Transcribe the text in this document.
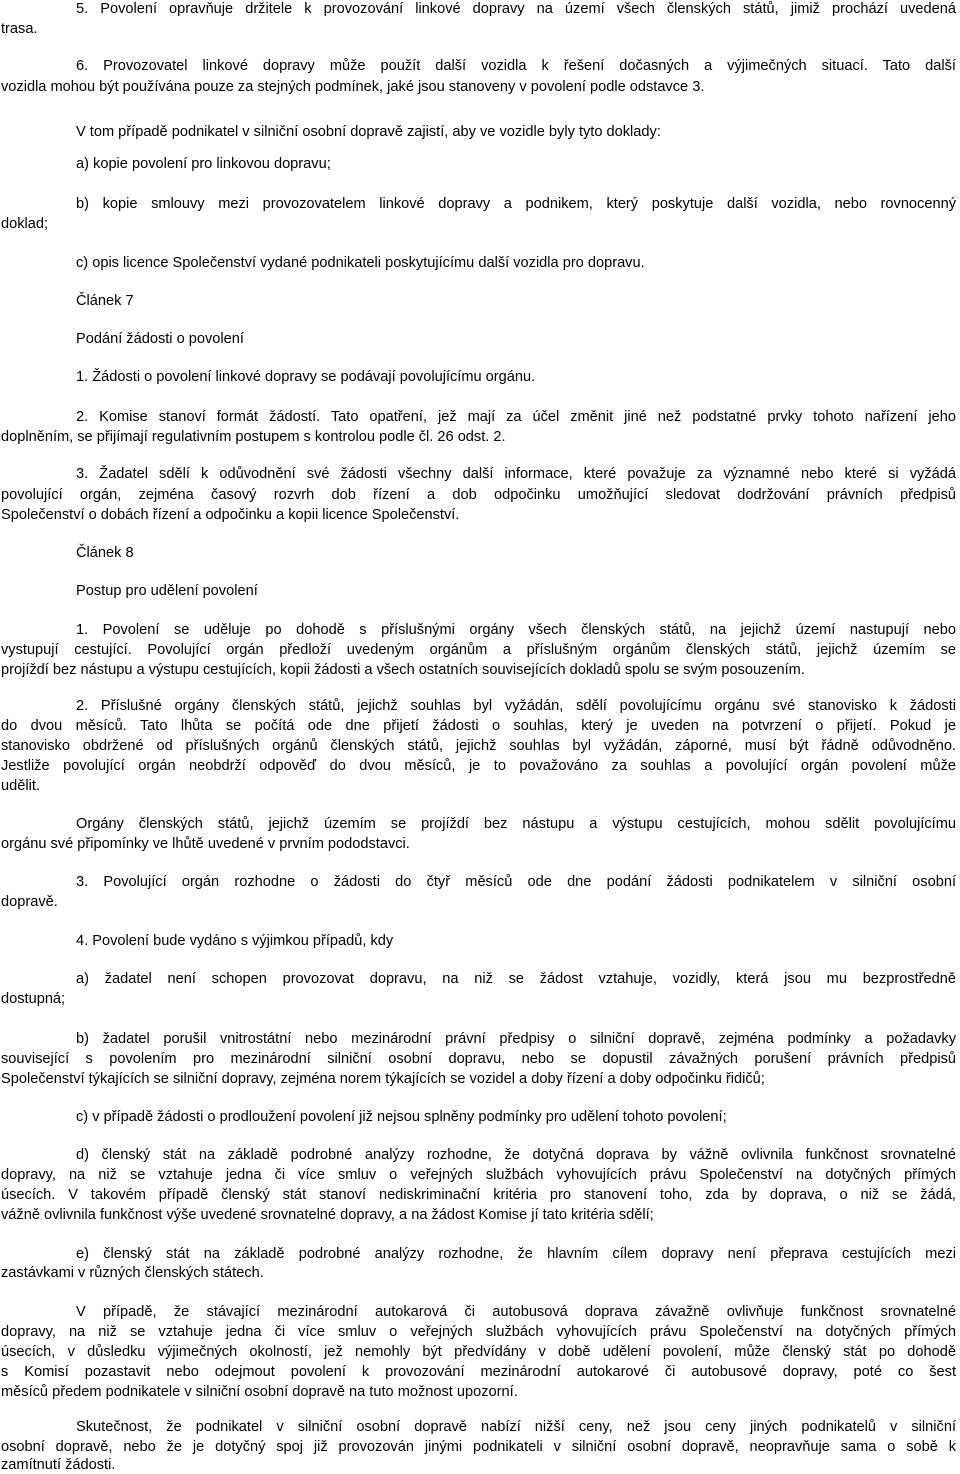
5. Povolení opravňuje držitele k provozování linkové dopravy na území všech členských států, jimiž prochází uvedená
trasa.
6. Provozovatel linkové dopravy může použít další vozidla k řešení dočasných a výjimečných situací. Tato další
vozidla mohou být používána pouze za stejných podmínek, jaké jsou stanoveny v povolení podle odstavce 3.
V tom případě podnikatel v silniční osobní dopravě zajistí, aby ve vozidle byly tyto doklady:
a) kopie povolení pro linkovou dopravu;
b) kopie smlouvy mezi provozovatelem linkové dopravy a podnikem, který poskytuje další vozidla, nebo rovnocenný
doklad;
c) opis licence Společenství vydané podnikateli poskytujícímu další vozidla pro dopravu.
Článek 7
Podání žádosti o povolení
1. Žádosti o povolení linkové dopravy se podávají povolujícímu orgánu.
2. Komise stanoví formát žádostí. Tato opatření, jež mají za účel změnit jiné než podstatné prvky tohoto nařízení jeho
doplněním, se přijímají regulativním postupem s kontrolou podle čl. 26 odst. 2.
3. Žadatel sdělí k odůvodnění své žádosti všechny další informace, které považuje za významné nebo které si vyžádá
povolující orgán, zejména časový rozvrh dob řízení a dob odpočinku umožňující sledovat dodržování právních předpisů
Společenství o dobách řízení a odpočinku a kopii licence Společenství.
Článek 8
Postup pro udělení povolení
1. Povolení se uděluje po dohodě s příslušnými orgány všech členských států, na jejichž území nastupují nebo
vystupují cestující. Povolující orgán předloží uvedeným orgánům a příslušným orgánům členských států, jejichž územím se
projíždí bez nástupu a výstupu cestujících, kopii žádosti a všech ostatních souvisejících dokladů spolu se svým posouzením.
2. Příslušné orgány členských států, jejichž souhlas byl vyžádán, sdělí povolujícímu orgánu své stanovisko k žádosti
do dvou měsíců. Tato lhůta se počítá ode dne přijetí žádosti o souhlas, který je uveden na potvrzení o přijetí. Pokud je
stanovisko obdržené od příslušných orgánů členských států, jejichž souhlas byl vyžádán, záporné, musí být řádně odůvodněno.
Jestliže povolující orgán neobdrží odpověď do dvou měsíců, je to považováno za souhlas a povolující orgán povolení může
udělit.
Orgány členských států, jejichž územím se projíždí bez nástupu a výstupu cestujících, mohou sdělit povolujícímu
orgánu své připomínky ve lhůtě uvedené v prvním pododstavci.
3. Povolující orgán rozhodne o žádosti do čtyř měsíců ode dne podání žádosti podnikatelem v silniční osobní
dopravě.
4. Povolení bude vydáno s výjimkou případů, kdy
a) žadatel není schopen provozovat dopravu, na niž se žádost vztahuje, vozidly, která jsou mu bezprostředně
dostupná;
b) žadatel porušil vnitrostátní nebo mezinárodní právní předpisy o silniční dopravě, zejména podmínky a požadavky
související s povolením pro mezinárodní silniční osobní dopravu, nebo se dopustil závažných porušení právních předpisů
Společenství týkajících se silniční dopravy, zejména norem týkajících se vozidel a doby řízení a doby odpočinku řidičů;
c) v případě žádosti o prodloužení povolení již nejsou splněny podmínky pro udělení tohoto povolení;
d) členský stát na základě podrobné analýzy rozhodne, že dotyčná doprava by vážně ovlivnila funkčnost srovnatelné
dopravy, na niž se vztahuje jedna či více smluv o veřejných službách vyhovujících právu Společenství na dotyčných přímých
úsecích. V takovém případě členský stát stanoví nediskriminační kritéria pro stanovení toho, zda by doprava, o niž se žádá,
vážně ovlivnila funkčnost výše uvedené srovnatelné dopravy, a na žádost Komise jí tato kritéria sdělí;
e) členský stát na základě podrobné analýzy rozhodne, že hlavním cílem dopravy není přeprava cestujících mezi
zastávkami v různých členských státech.
V případě, že stávající mezinárodní autokarová či autobusová doprava závažně ovlivňuje funkčnost srovnatelné
dopravy, na niž se vztahuje jedna či více smluv o veřejných službách vyhovujících právu Společenství na dotyčných přímých
úsecích, v důsledku výjimečných okolností, jež nemohly být předvídány v době udělení povolení, může členský stát po dohodě
s Komisí pozastavit nebo odejmout povolení k provozování mezinárodní autokarové či autobusové dopravy, poté co šest
měsíců předem podnikatele v silniční osobní dopravě na tuto možnost upozorní.
Skutečnost, že podnikatel v silniční osobní dopravě nabízí nižší ceny, než jsou ceny jiných podnikatelů v silniční
osobní dopravě, nebo že je dotyčný spoj již provozován jinými podnikateli v silniční osobní dopravě, neopravňuje sama o sobě k
zamítnutí žádosti.
